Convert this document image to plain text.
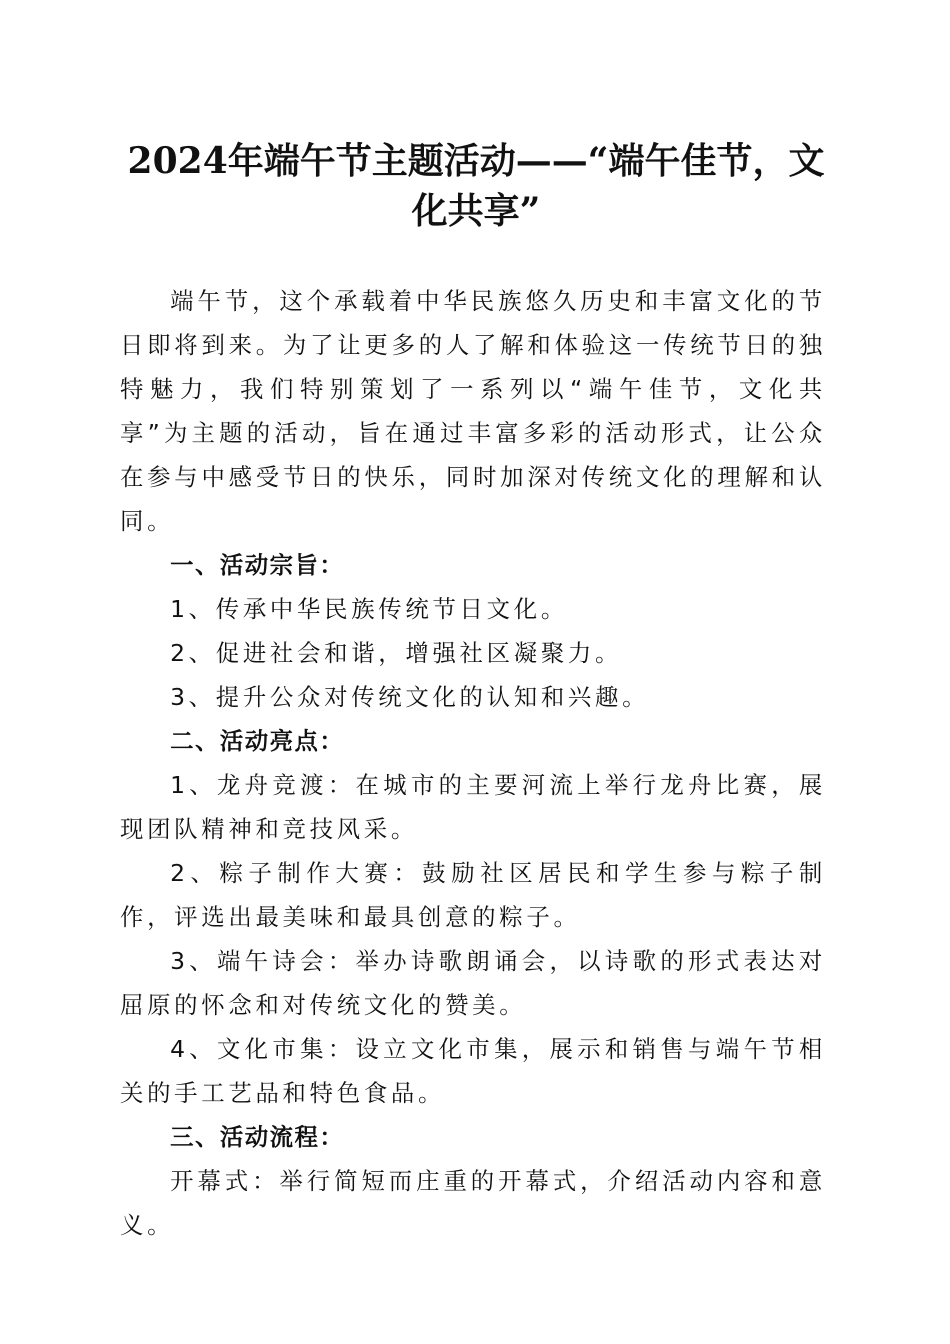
2024年端午节主题活动——“端午佳节，文
化共享”

端午节，这个承载着中华民族悠久历史和丰富文化的节日即将到来。为了让更多的人了解和体验这一传统节日的独特魅力，我们特别策划了一系列以“端午佳节，文化共享”为主题的活动，旨在通过丰富多彩的活动形式，让公众在参与中感受节日的快乐，同时加深对传统文化的理解和认同。

一、活动宗旨：

1、传承中华民族传统节日文化。

2、促进社会和谐，增强社区凝聚力。

3、提升公众对传统文化的认知和兴趣。

二、活动亮点：

1、龙舟竞渡：在城市的主要河流上举行龙舟比赛，展现团队精神和竞技风采。

2、粽子制作大赛：鼓励社区居民和学生参与粽子制作，评选出最美味和最具创意的粽子。

3、端午诗会：举办诗歌朗诵会，以诗歌的形式表达对屈原的怀念和对传统文化的赞美。

4、文化市集：设立文化市集，展示和销售与端午节相关的手工艺品和特色食品。

三、活动流程：

开幕式：举行简短而庄重的开幕式，介绍活动内容和意义。
